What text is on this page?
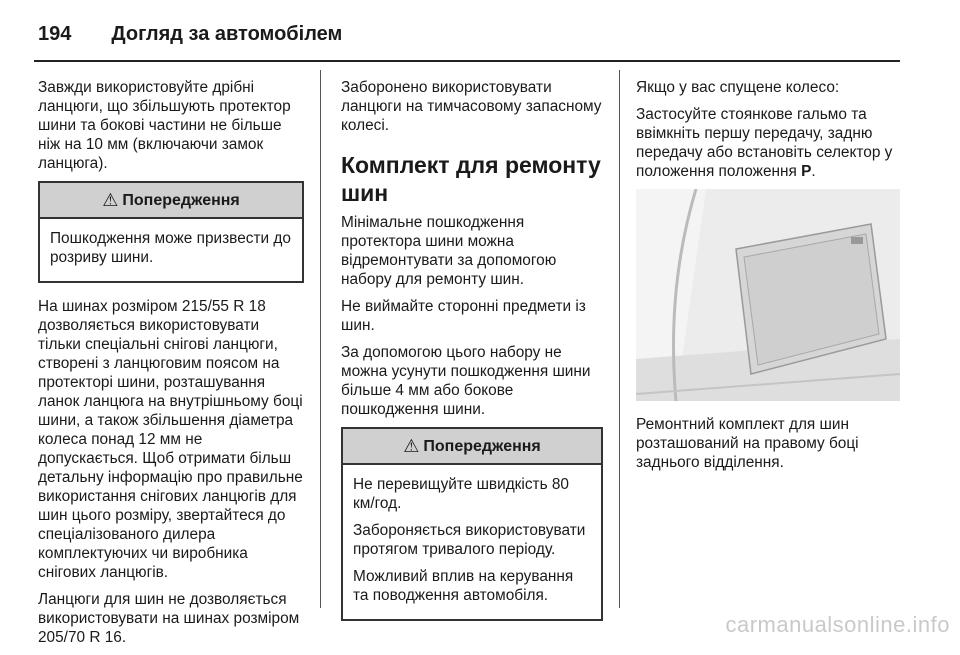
194 Догляд за автомобілем

Завжди використовуйте дрібні ланцюги, що збільшують протектор шини та бокові частини не більше ніж на 10 мм (включаючи замок ланцюга).

⚠ Попередження

Пошкодження може призвести до розриву шини.

На шинах розміром 215/55 R 18 дозволяється використовувати тільки спеціальні снігові ланцюги, створені з ланцюговим поясом на протекторі шини, розташування ланок ланцюга на внутрішньому боці шини, а також збільшення діаметра колеса понад 12 мм не допускається. Щоб отримати більш детальну інформацію про правильне використання снігових ланцюгів для шин цього розміру, звертайтеся до спеціалізованого дилера комплектуючих чи виробника снігових ланцюгів.

Ланцюги для шин не дозволяється використовувати на шинах розміром 205/70 R 16.

Заборонено використовувати ланцюги на тимчасовому запасному колесі.

Комплект для ремонту шин

Мінімальне пошкодження протектора шини можна відремонтувати за допомогою набору для ремонту шин.

Не виймайте сторонні предмети із шин.

За допомогою цього набору не можна усунути пошкодження шини більше 4 мм або бокове пошкодження шини.

⚠ Попередження

Не перевищуйте швидкість 80 км/год.

Забороняється використовувати протягом тривалого періоду.

Можливий вплив на керування та поводження автомобіля.

Якщо у вас спущене колесо:

Застосуйте стоянкове гальмо та ввімкніть першу передачу, задню передачу або встановіть селектор у положення положення P.

Ремонтний комплект для шин розташований на правому боці заднього відділення.

carmanualsonline.info
